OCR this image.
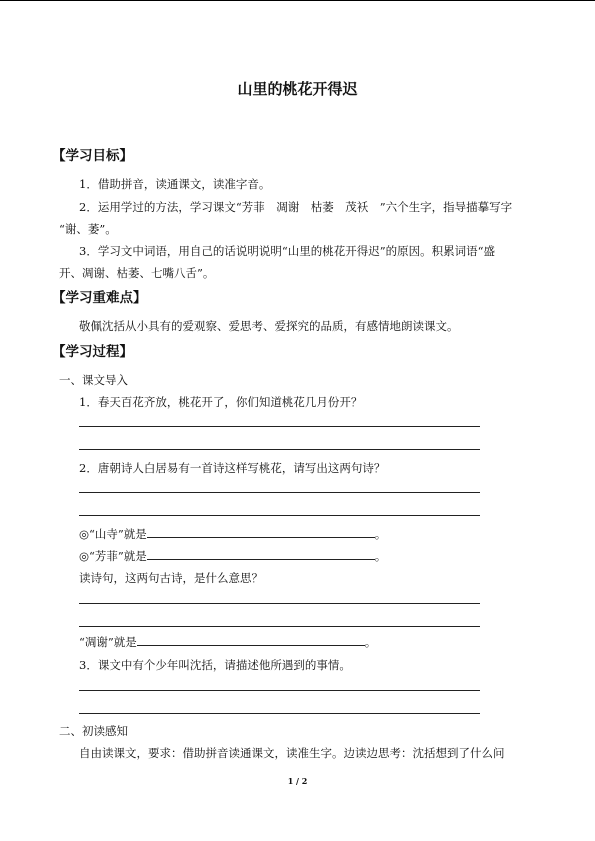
山里的桃花开得迟
【学习目标】
1．借助拼音，读通课文，读准字音。
2．运用学过的方法，学习课文“芳菲　凋谢　枯萎　茂袄　”六个生字，指导描摹写字
“谢、萎”。
3．学习文中词语，用自己的话说明说明“山里的桃花开得迟”的原因。积累词语“盛
开、凋谢、枯萎、七嘴八舌”。
【学习重难点】
敬佩沈括从小具有的爱观察、爱思考、爱探究的品质，有感情地朗读课文。
【学习过程】
一、课文导入
1．春天百花齐放，桃花开了，你们知道桃花几月份开？
2．唐朝诗人白居易有一首诗这样写桃花，请写出这两句诗？
◎“山寺”就是	。
◎“芳菲”就是	。
读诗句，这两句古诗，是什么意思？
“凋谢”就是	。
3．课文中有个少年叫沈括，请描述他所遇到的事情。
二、初读感知
自由读课文，要求：借助拼音读通课文，读准生字。边读边思考：沈括想到了什么问
1 / 2
